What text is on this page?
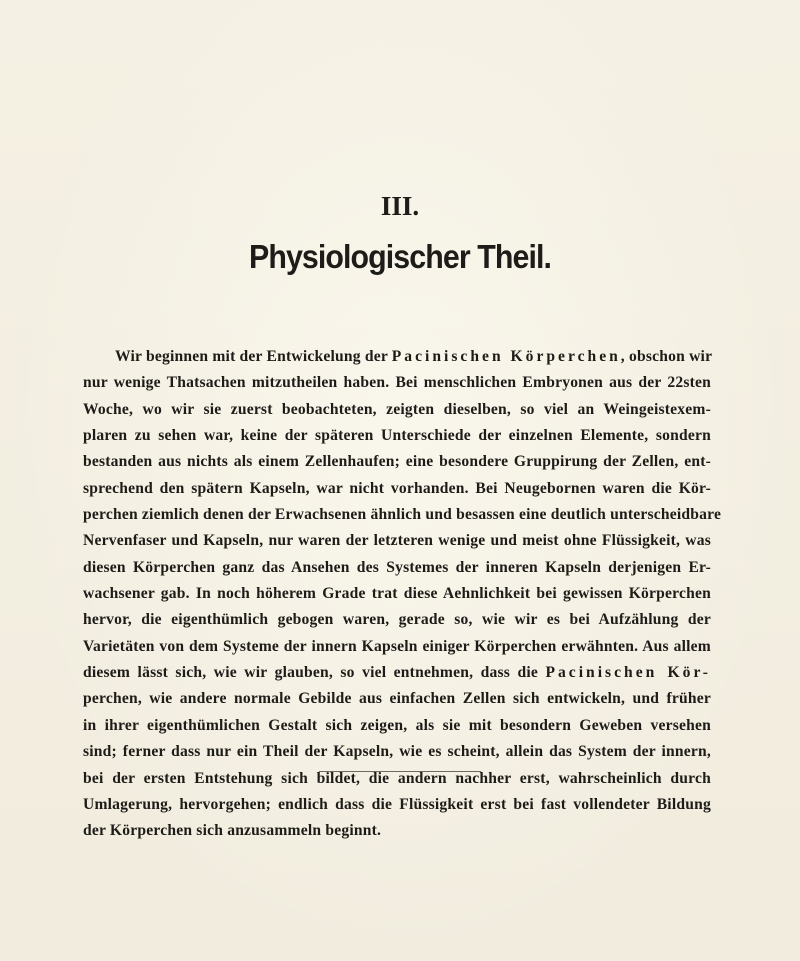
III.
Physiologischer Theil.

Wir beginnen mit der Entwickelung der Pacinischen Körperchen, obschon wir
nur wenige Thatsachen mitzutheilen haben. Bei menschlichen Embryonen aus der 22sten
Woche, wo wir sie zuerst beobachteten, zeigten dieselben, so viel an Weingeistexem-
plaren zu sehen war, keine der späteren Unterschiede der einzelnen Elemente, sondern
bestanden aus nichts als einem Zellenhaufen; eine besondere Gruppirung der Zellen, ent-
sprechend den spätern Kapseln, war nicht vorhanden. Bei Neugebornen waren die Kör-
perchen ziemlich denen der Erwachsenen ähnlich und besassen eine deutlich unterscheidbare
Nervenfaser und Kapseln, nur waren der letzteren wenige und meist ohne Flüssigkeit, was
diesen Körperchen ganz das Ansehen des Systemes der inneren Kapseln derjenigen Er-
wachsener gab. In noch höherem Grade trat diese Aehnlichkeit bei gewissen Körperchen
hervor, die eigenthümlich gebogen waren, gerade so, wie wir es bei Aufzählung der
Varietäten von dem Systeme der innern Kapseln einiger Körperchen erwähnten. Aus allem
diesem lässt sich, wie wir glauben, so viel entnehmen, dass die Pacinischen Kör-
perchen, wie andere normale Gebilde aus einfachen Zellen sich entwickeln, und früher
in ihrer eigenthümlichen Gestalt sich zeigen, als sie mit besondern Geweben versehen
sind; ferner dass nur ein Theil der Kapseln, wie es scheint, allein das System der innern,
bei der ersten Entstehung sich bildet, die andern nachher erst, wahrscheinlich durch
Umlagerung, hervorgehen; endlich dass die Flüssigkeit erst bei fast vollendeter Bildung
der Körperchen sich anzusammeln beginnt.
